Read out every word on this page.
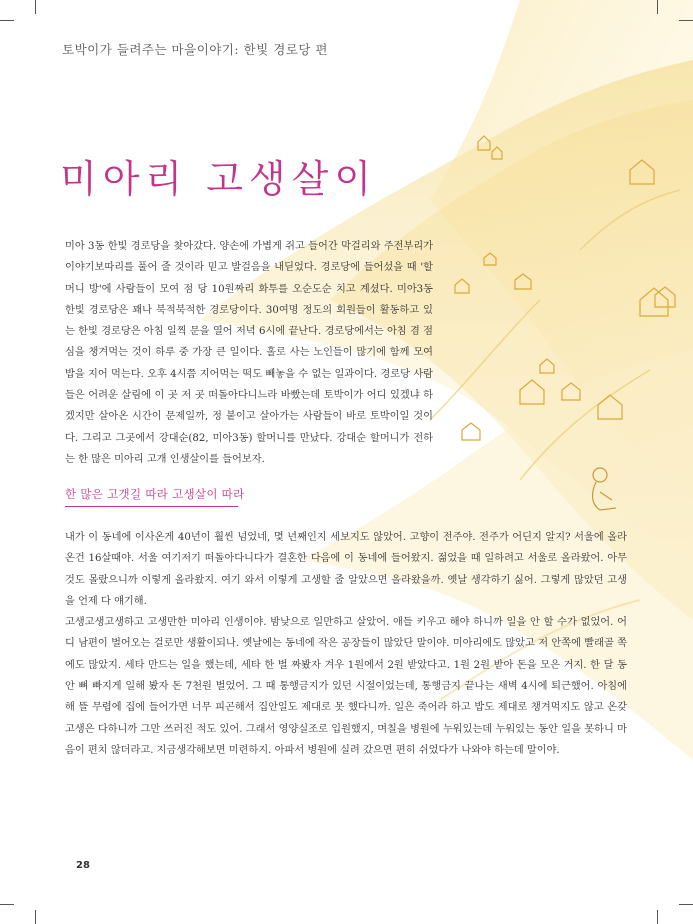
토박이가 들려주는 마을이야기: 한빛 경로당 편
미아리 고생살이
미아 3동 한빛 경로당을 찾아갔다. 양손에 가볍게 쥐고 들어간 막걸리와 주전부리가 이야기보따리를 풀어 줄 것이라 믿고 발걸음을 내딛었다. 경로당에 들어섰을 때 '할머니 방'에 사람들이 모여 점 당 10원짜리 화투를 오순도순 치고 계셨다. 미아3동 한빛 경로당은 꽤나 북적북적한 경로당이다. 30여명 정도의 회원들이 활동하고 있는 한빛 경로당은 아침 일찍 문을 열어 저녁 6시에 끝난다. 경로당에서는 아침 겸 점심을 챙겨먹는 것이 하루 중 가장 큰 일이다. 홀로 사는 노인들이 많기에 함께 모여 밥을 지어 먹는다. 오후 4시쯤 지어먹는 떡도 빼놓을 수 없는 일과이다. 경로당 사람들은 어려운 살림에 이 곳 저 곳 떠돌아다니느라 바빴는데 토박이가 어디 있겠냐 하겠지만 살아온 시간이 문제일까, 정 붙이고 살아가는 사람들이 바로 토박이일 것이다. 그리고 그곳에서 강대순(82, 미아3동) 할머니를 만났다. 강대순 할머니가 전하는 한 많은 미아리 고개 인생살이를 들어보자.
한 많은 고갯길 따라 고생살이 따라

내가 이 동네에 이사온게 40년이 훨씬 넘었네, 몇 년째인지 세보지도 않았어. 고향이 전주야. 전주가 어딘지 알지? 서울에 올라온건 16살때야. 서울 여기저기 떠돌아다니다가 결혼한 다음에 이 동네에 들어왔지. 젊었을 때 일하려고 서울로 올라왔어. 아무것도 몰랐으니까 이렇게 올라왔지. 여기 와서 이렇게 고생할 줄 알았으면 올라왔을까. 옛날 생각하기 싫어. 그렇게 많았던 고생을 언제 다 얘기해.

고생고생고생하고 고생만한 미아리 인생이야. 밤낮으로 일만하고 살았어. 애들 키우고 해야 하니까 일을 안 할 수가 없었어. 어디 남편이 벌어오는 걸로만 생활이되나. 옛날에는 동네에 작은 공장들이 많았단 말이야. 미아리에도 많았고 저 안쪽에 빨래골 쪽에도 많았지. 세타 만드는 일을 했는데, 세타 한 벌 짜봤자 겨우 1원에서 2원 받았다고. 1원 2원 받아 돈을 모은 거지. 한 달 동안 뼈 빠지게 일해 봤자 돈 7천원 벌었어. 그 때 통행금지가 있던 시절이었는데, 통행금지 끝나는 새벽 4시에 퇴근했어. 아침에 해 뜰 무렵에 집에 들어가면 너무 피곤해서 집안일도 제대로 못 했다니까. 일은 죽어라 하고 밥도 제대로 챙겨먹지도 않고 온갖 고생은 다하니까 그만 쓰러진 적도 있어. 그래서 영양실조로 입원했지, 며칠을 병원에 누워있는데 누워있는 동안 일을 못하니 마음이 편치 않더라고. 지금생각해보면 미련하지. 아파서 병원에 실려 갔으면 편히 쉬었다가 나와야 하는데 말이야.

28
